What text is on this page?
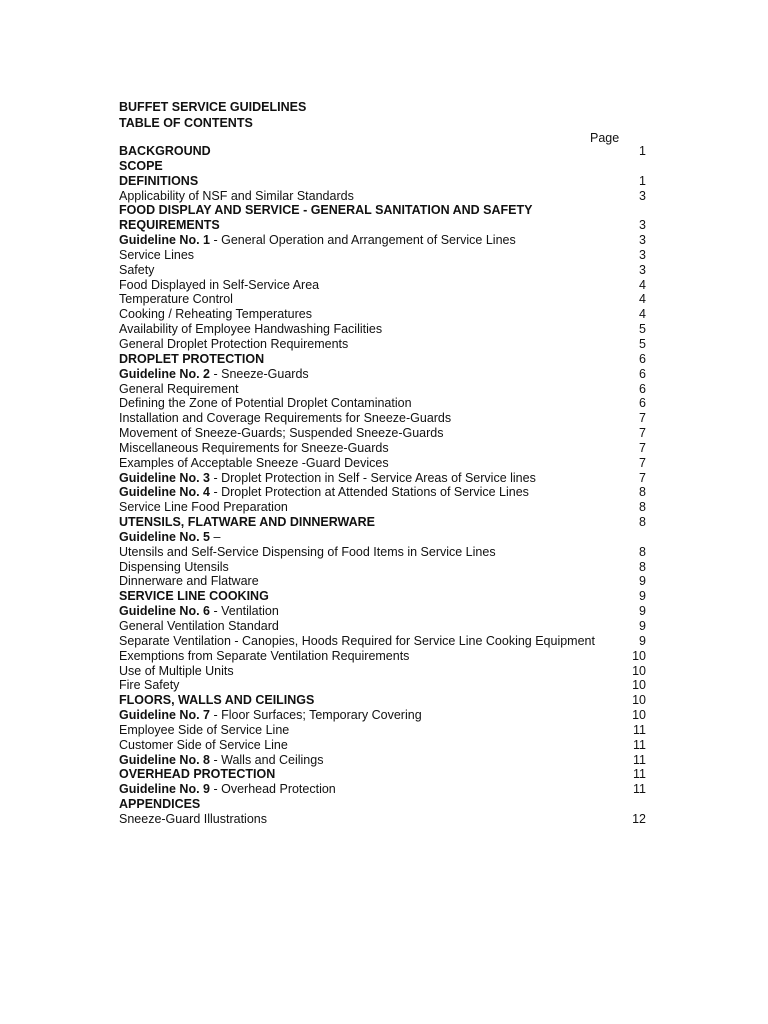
BUFFET SERVICE GUIDELINES
TABLE OF CONTENTS
Page
BACKGROUND	1
SCOPE
DEFINITIONS	1
Applicability of NSF and Similar Standards	3
FOOD DISPLAY AND SERVICE - GENERAL SANITATION AND SAFETY
REQUIREMENTS	3
Guideline No. 1 - General Operation and Arrangement of Service Lines	3
Service Lines	3
Safety	3
Food Displayed in Self-Service Area	4
Temperature Control	4
Cooking / Reheating Temperatures	4
Availability of Employee Handwashing Facilities	5
General Droplet Protection Requirements	5
DROPLET PROTECTION	6
Guideline No. 2 - Sneeze-Guards	6
General Requirement	6
Defining the Zone of Potential Droplet Contamination	6
Installation and Coverage Requirements for Sneeze-Guards	7
Movement of Sneeze-Guards; Suspended Sneeze-Guards	7
Miscellaneous Requirements for Sneeze-Guards	7
Examples of Acceptable Sneeze -Guard Devices	7
Guideline No. 3 - Droplet Protection in Self - Service Areas of Service lines	7
Guideline No. 4 - Droplet Protection at Attended Stations of Service Lines	8
Service Line Food Preparation	8
UTENSILS, FLATWARE AND DINNERWARE	8
Guideline No. 5 –
Utensils and Self-Service Dispensing of Food Items in Service Lines	8
Dispensing Utensils	8
Dinnerware and Flatware	9
SERVICE LINE COOKING	9
Guideline No. 6 - Ventilation	9
General Ventilation Standard	9
Separate Ventilation - Canopies, Hoods Required for Service Line Cooking Equipment	9
Exemptions from Separate Ventilation Requirements	10
Use of Multiple Units	10
Fire Safety	10
FLOORS, WALLS AND CEILINGS	10
Guideline No. 7 - Floor Surfaces; Temporary Covering	10
Employee Side of Service Line	11
Customer Side of Service Line	11
Guideline No. 8 - Walls and Ceilings	11
OVERHEAD PROTECTION	11
Guideline No. 9 - Overhead Protection	11
APPENDICES
Sneeze-Guard Illustrations	12
